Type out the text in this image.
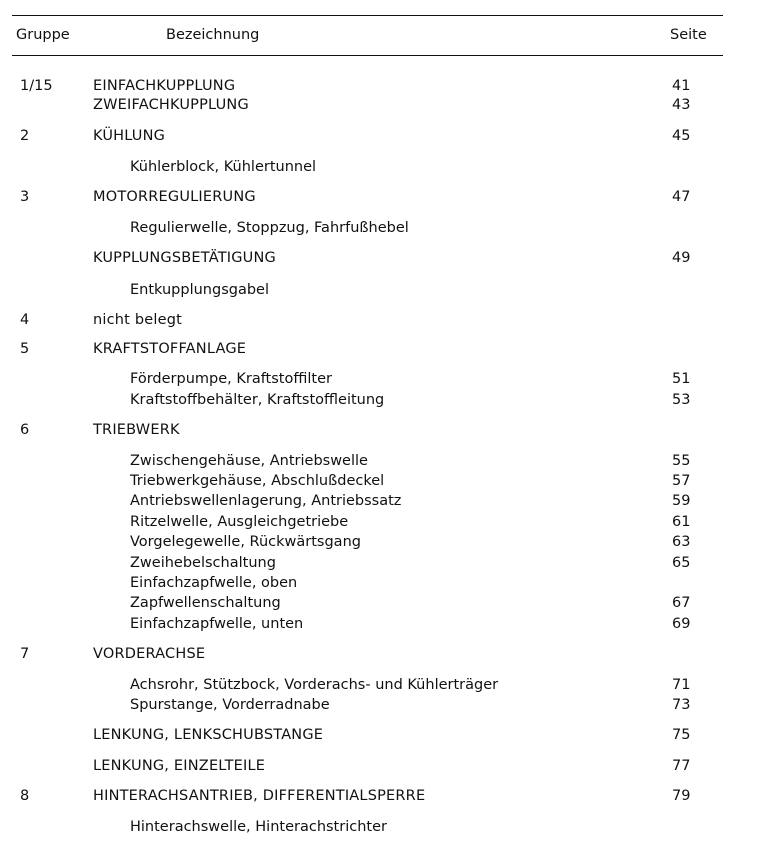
Gruppe	Bezeichnung	Seite
1/15	EINFACHKUPPLUNG	41
ZWEIFACHKUPPLUNG	43
2	KÜHLUNG	45
Kühlerblock, Kühlertunnel
3	MOTORREGULIERUNG	47
Regulierwelle, Stoppzug, Fahrfußhebel
KUPPLUNGSBETÄTIGUNG	49
Entkupplungsgabel
4	nicht belegt
5	KRAFTSTOFFANLAGE
Förderpumpe, Kraftstoffilter	51
Kraftstoffbehälter, Kraftstoffleitung	53
6	TRIEBWERK
Zwischengehäuse, Antriebswelle	55
Triebwerkgehäuse, Abschlußdeckel	57
Antriebswellenlagerung, Antriebssatz	59
Ritzelwelle, Ausgleichgetriebe	61
Vorgelegewelle, Rückwärtsgang	63
Zweihebelschaltung	65
Einfachzapfwelle, oben
Zapfwellenschaltung	67
Einfachzapfwelle, unten	69
7	VORDERACHSE
Achsrohr, Stützbock, Vorderachs- und Kühlerträger	71
Spurstange, Vorderradnabe	73
LENKUNG, LENKSCHUBSTANGE	75
LENKUNG, EINZELTEILE	77
8	HINTERACHSANTRIEB, DIFFERENTIALSPERRE	79
Hinterachswelle, Hinterachstrichter
